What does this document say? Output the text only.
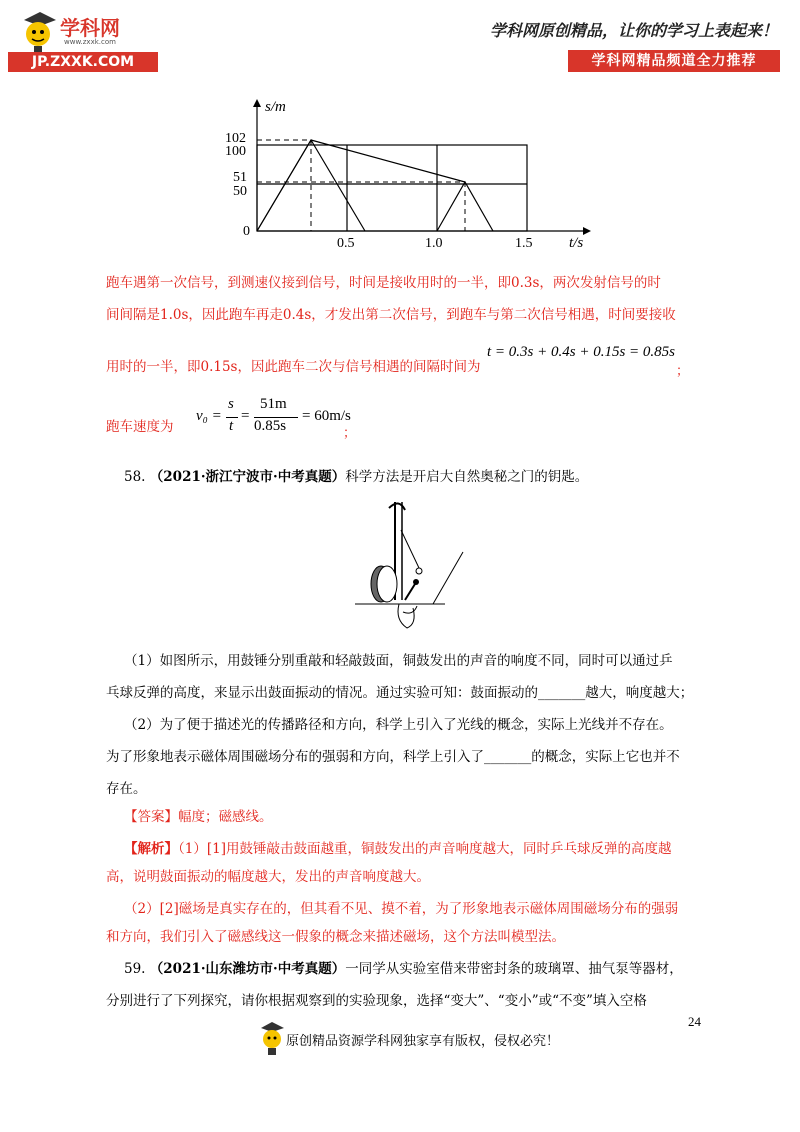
学科网
www.zxxk.com
JP.ZXXK.COM
学科网原创精品，让你的学习上表起来！
学科网精品频道全力推荐
s/m
t/s
102
100
51
50
0
0.5	1.0	1.5
跑车遇第一次信号，到测速仪接到信号，时间是接收用时的一半，即0.3s，两次发射信号的时
间间隔是1.0s，因此跑车再走0.4s，才发出第二次信号，到跑车与第二次信号相遇，时间要接收
用时的一半，即0.15s，因此跑车二次与信号相遇的间隔时间为
t = 0.3s + 0.4s + 0.15s = 0.85s
；
跑车速度为
v₀ =
s
t
=
51m
0.85s
= 60m/s
；
58. （2021·浙江宁波市·中考真题）科学方法是开启大自然奥秘之门的钥匙。
（1）如图所示，用鼓锤分别重敲和轻敲鼓面，铜鼓发出的声音的响度不同，同时可以通过乒
乓球反弹的高度，来显示出鼓面振动的情况。通过实验可知：鼓面振动的_______越大，响度越大；
（2）为了便于描述光的传播路径和方向，科学上引入了光线的概念，实际上光线并不存在。
为了形象地表示磁体周围磁场分布的强弱和方向，科学上引入了_______的概念，实际上它也并不
存在。
【答案】幅度；磁感线。
【解析】（1）[1]用鼓锤敲击鼓面越重，铜鼓发出的声音响度越大，同时乒乓球反弹的高度越
高，说明鼓面振动的幅度越大，发出的声音响度越大。
（2）[2]磁场是真实存在的，但其看不见、摸不着，为了形象地表示磁体周围磁场分布的强弱
和方向，我们引入了磁感线这一假象的概念来描述磁场，这个方法叫模型法。
59. （2021·山东潍坊市·中考真题）一同学从实验室借来带密封条的玻璃罩、抽气泵等器材，
分别进行了下列探究，请你根据观察到的实验现象，选择“变大”、“变小”或“不变”填入空格
24
原创精品资源学科网独家享有版权，侵权必究！
